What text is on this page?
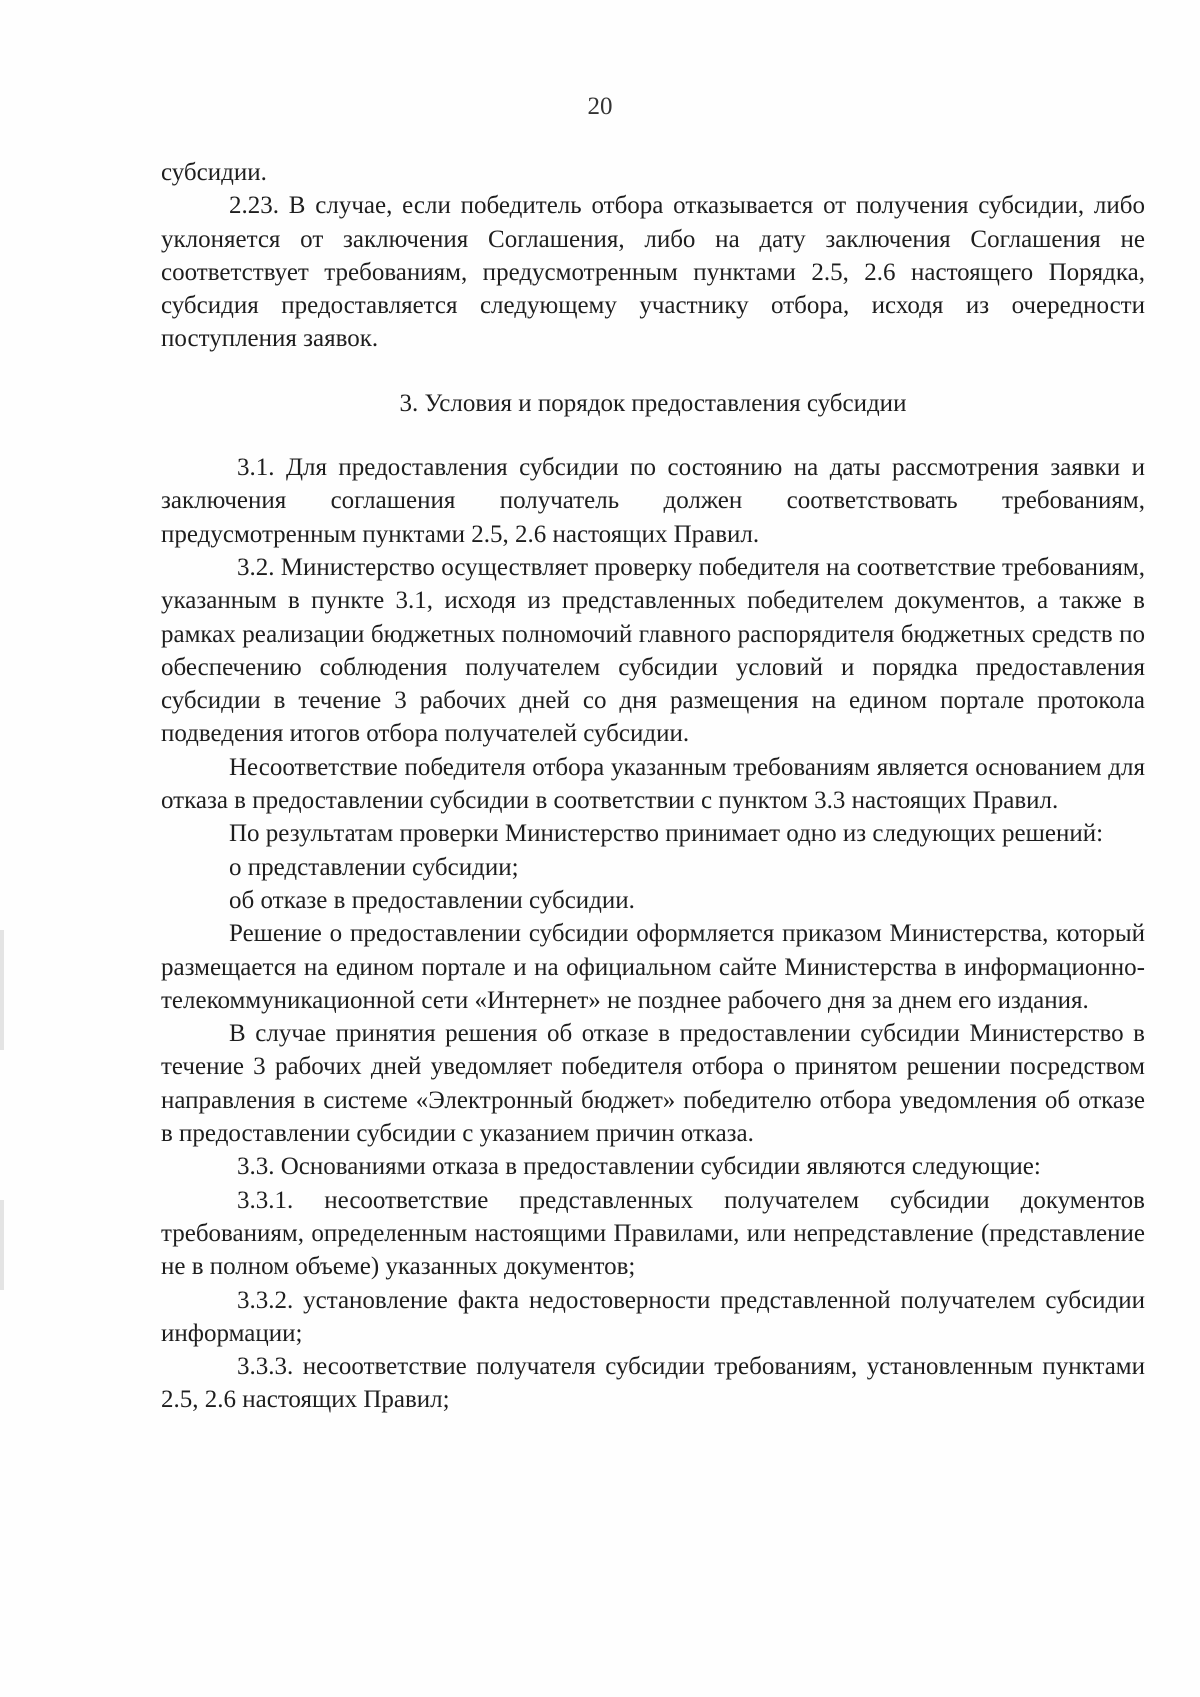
20

субсидии.

2.23. В случае, если победитель отбора отказывается от получения субсидии, либо уклоняется от заключения Соглашения, либо на дату заключения Соглашения не соответствует требованиям, предусмотренным пунктами 2.5, 2.6 настоящего Порядка, субсидия предоставляется следующему участнику отбора, исходя из очередности поступления заявок.

3. Условия и порядок предоставления субсидии

3.1. Для предоставления субсидии по состоянию на даты рассмотрения заявки и заключения соглашения получатель должен соответствовать требованиям, предусмотренным пунктами 2.5, 2.6 настоящих Правил.

3.2. Министерство осуществляет проверку победителя на соответствие требованиям, указанным в пункте 3.1, исходя из представленных победителем документов, а также в рамках реализации бюджетных полномочий главного распорядителя бюджетных средств по обеспечению соблюдения получателем субсидии условий и порядка предоставления субсидии в течение 3 рабочих дней со дня размещения на едином портале протокола подведения итогов отбора получателей субсидии.

Несоответствие победителя отбора указанным требованиям является основанием для отказа в предоставлении субсидии в соответствии с пунктом 3.3 настоящих Правил.

По результатам проверки Министерство принимает одно из следующих решений:

о представлении субсидии;

об отказе в предоставлении субсидии.

Решение о предоставлении субсидии оформляется приказом Министерства, который размещается на едином портале и на официальном сайте Министерства в информационно-телекоммуникационной сети «Интернет» не позднее рабочего дня за днем его издания.

В случае принятия решения об отказе в предоставлении субсидии Министерство в течение 3 рабочих дней уведомляет победителя отбора о принятом решении посредством направления в системе «Электронный бюджет» победителю отбора уведомления об отказе в предоставлении субсидии с указанием причин отказа.

3.3. Основаниями отказа в предоставлении субсидии являются следующие:

3.3.1. несоответствие представленных получателем субсидии документов требованиям, определенным настоящими Правилами, или непредставление (представление не в полном объеме) указанных документов;

3.3.2. установление факта недостоверности представленной получателем субсидии информации;

3.3.3. несоответствие получателя субсидии требованиям, установленным пунктами 2.5, 2.6 настоящих Правил;
